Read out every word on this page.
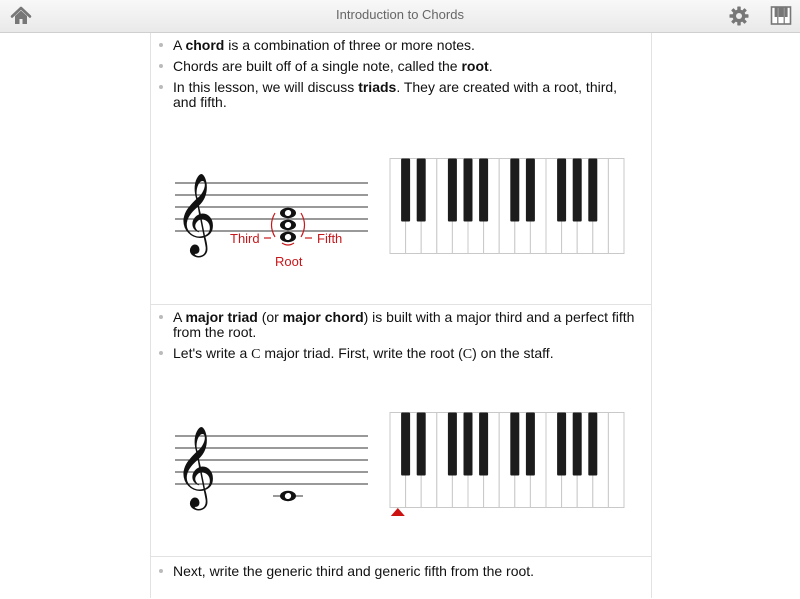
Introduction to Chords
A chord is a combination of three or more notes.
Chords are built off of a single note, called the root.
In this lesson, we will discuss triads. They are created with a root, third, and fifth.
𝄞 Third	Fifth
Root
A major triad (or major chord) is built with a major third and a perfect fifth from the root.
Let's write a C major triad. First, write the root (C) on the staff.
𝄞
Next, write the generic third and generic fifth from the root.
